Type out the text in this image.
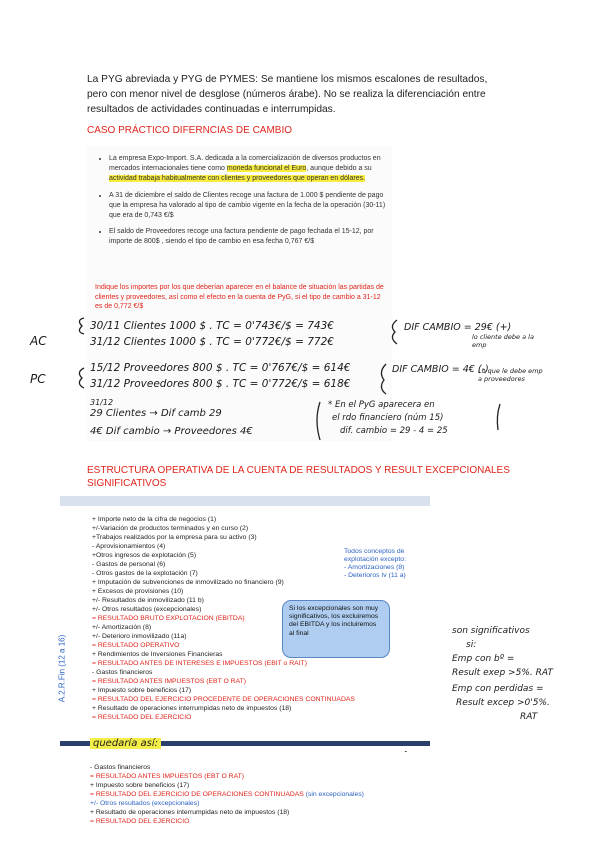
La PYG abreviada y PYG de PYMES: Se mantiene los mismos escalones de resultados,
pero con menor nivel de desglose (números árabe). No se realiza la diferenciación entre
resultados de actividades continuadas e interrumpidas.
CASO PRÁCTICO DIFERNCIAS DE CAMBIO
• La empresa Expo-Import. S.A. dedicada a la comercialización de diversos productos en mercados internacionales tiene como moneda funcional el Euro, aunque debido a su actividad trabaja habitualmente con clientes y proveedores que operan en dólares.
• A 31 de diciembre el saldo de Clientes recoge una factura de 1.000 $ pendiente de pago que la empresa ha valorado al tipo de cambio vigente en la fecha de la operación (30-11) que era de 0,743 €/$
• El saldo de Proveedores recoge una factura pendiente de pago fechada el 15-12, por importe de 800$ , siendo el tipo de cambio en esa fecha 0,767 €/$
Indique los importes por los que deberían aparecer en el balance de situación las partidas de clientes y proveedores, así como el efecto en la cuenta de PyG, si el tipo de cambio a 31-12 es de 0,772 €/$
AC
30/11 Clientes 1000 $ . TC = 0'743€/$ = 743€
31/12 Clientes 1000 $ . TC = 0'772€/$ = 772€
DIF CAMBIO = 29€ (+)
lo cliente debe a la emp
PC
15/12 Proveedores 800 $ . TC = 0'767€/$ = 614€
31/12 Proveedores 800 $ . TC = 0'772€/$ = 618€
DIF CAMBIO = 4€ (-)
Lo que le debe emp a proveedores
31/12
29 Clientes → Dif camb 29
4€ Dif cambio → Proveedores 4€
* En el PyG aparecera en
el rdo financiero (núm 15)
dif. cambio = 29 - 4 = 25
ESTRUCTURA OPERATIVA DE LA CUENTA DE RESULTADOS Y RESULT EXCEPCIONALES
SIGNIFICATIVOS
+ Importe neto de la cifra de negocios (1)
+/-Variación de productos terminados y en curso (2)
+Trabajos realizados por la empresa para su activo (3)
- Aprovisionamientos (4)
+Otros ingresos de explotación (5)
- Gastos de personal (6)
- Otros gastos de la explotación (7)
+ Imputación de subvenciones de inmovilizado no financiero (9)
+ Excesos de provisiones (10)
+/- Resultados de inmovilizado (11 b)
+/- Otros resultados (excepcionales)
= RESULTADO BRUTO EXPLOTACION (EBITDA)
+/- Amortización (8)
+/- Deterioro inmovilizado (11a)
= RESULTADO OPERATIVO
+ Rendimientos de Inversiones Financieras
= RESULTADO ANTES DE INTERESES E IMPUESTOS (EBIT o RAIT)
- Gastos financieros
= RESULTADO ANTES IMPUESTOS (EBT O RAT)
+ Impuesto sobre beneficios (17)
= RESULTADO DEL EJERCICIO PROCEDENTE DE OPERACIONES CONTINUADAS
+ Resultado de operaciones interrumpidas neto de impuestos (18)
= RESULTADO DEL EJERCICIO
Todos conceptos de
explotación excepto:
- Amortizaciones (8)
- Deterioros Iv (11 a)
Si los excepcionales son muy significativos, los excluiremos del EBITDA y los incluiremos al final
A.2.R.Fin (12 a 16)
quedaría así:
son significativos
si:
Emp con bº =
Result exep >5%. RAT
Emp con perdidas =
Result excep >0'5%.
RAT
- Gastos financieros
= RESULTADO ANTES IMPUESTOS (EBT O RAT)
+ Impuesto sobre beneficios (17)
= RESULTADO DEL EJERCICIO DE OPERACIONES CONTINUADAS (sin excepcionales)
+/- Otros resultados (excepcionales)
+ Resultado de operaciones interrumpidas neto de impuestos (18)
= RESULTADO DEL EJERCICIO
